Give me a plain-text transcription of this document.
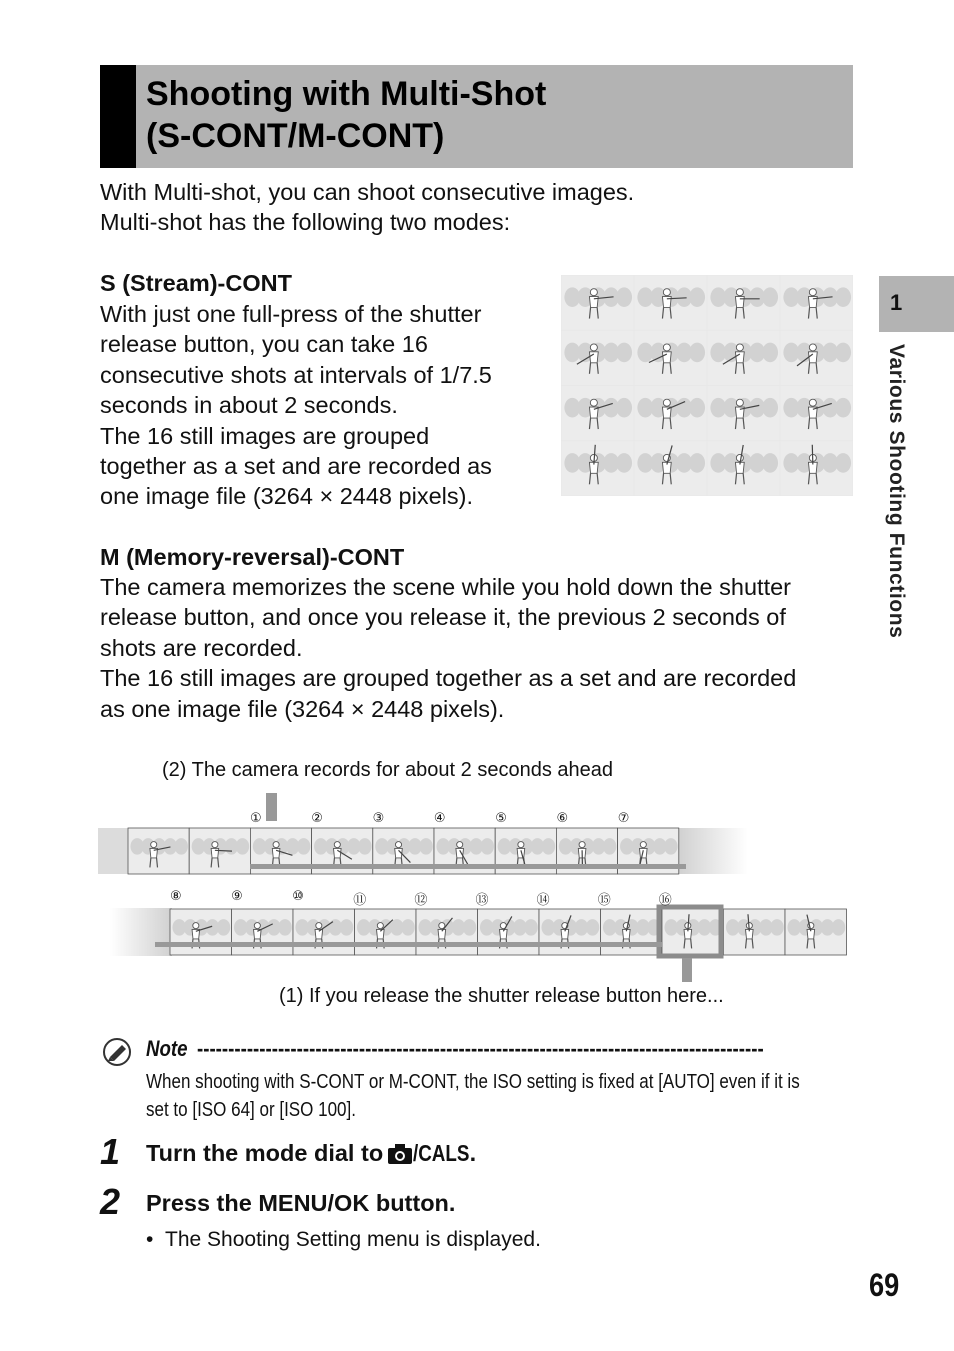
Shooting with Multi-Shot
(S-CONT/M-CONT)
With Multi-shot, you can shoot consecutive images.
Multi-shot has the following two modes:
S (Stream)-CONT
With just one full-press of the shutter
release button, you can take 16
consecutive shots at intervals of 1/7.5
seconds in about 2 seconds.
The 16 still images are grouped
together as a set and are recorded as
one image file (3264 × 2448 pixels).
M (Memory-reversal)-CONT
The camera memorizes the scene while you hold down the shutter
release button, and once you release it, the previous 2 seconds of
shots are recorded.
The 16 still images are grouped together as a set and are recorded
as one image file (3264 × 2448 pixels).
(2) The camera records for about 2 seconds ahead
①	②	③	④	⑤	⑥	⑦
⑧	⑨	⑩	⑪	⑫	⑬	⑭	⑮	⑯
(1) If you release the shutter release button here...
Note -------------------------------------------------------------------------------------------
When shooting with S-CONT or M-CONT, the ISO setting is fixed at [AUTO] even if it is
set to [ISO 64] or [ISO 100].
1 Turn the mode dial to /CALS .
2 Press the MENU/OK button.
•  The Shooting Setting menu is displayed.
1
Various Shooting Functions
69
